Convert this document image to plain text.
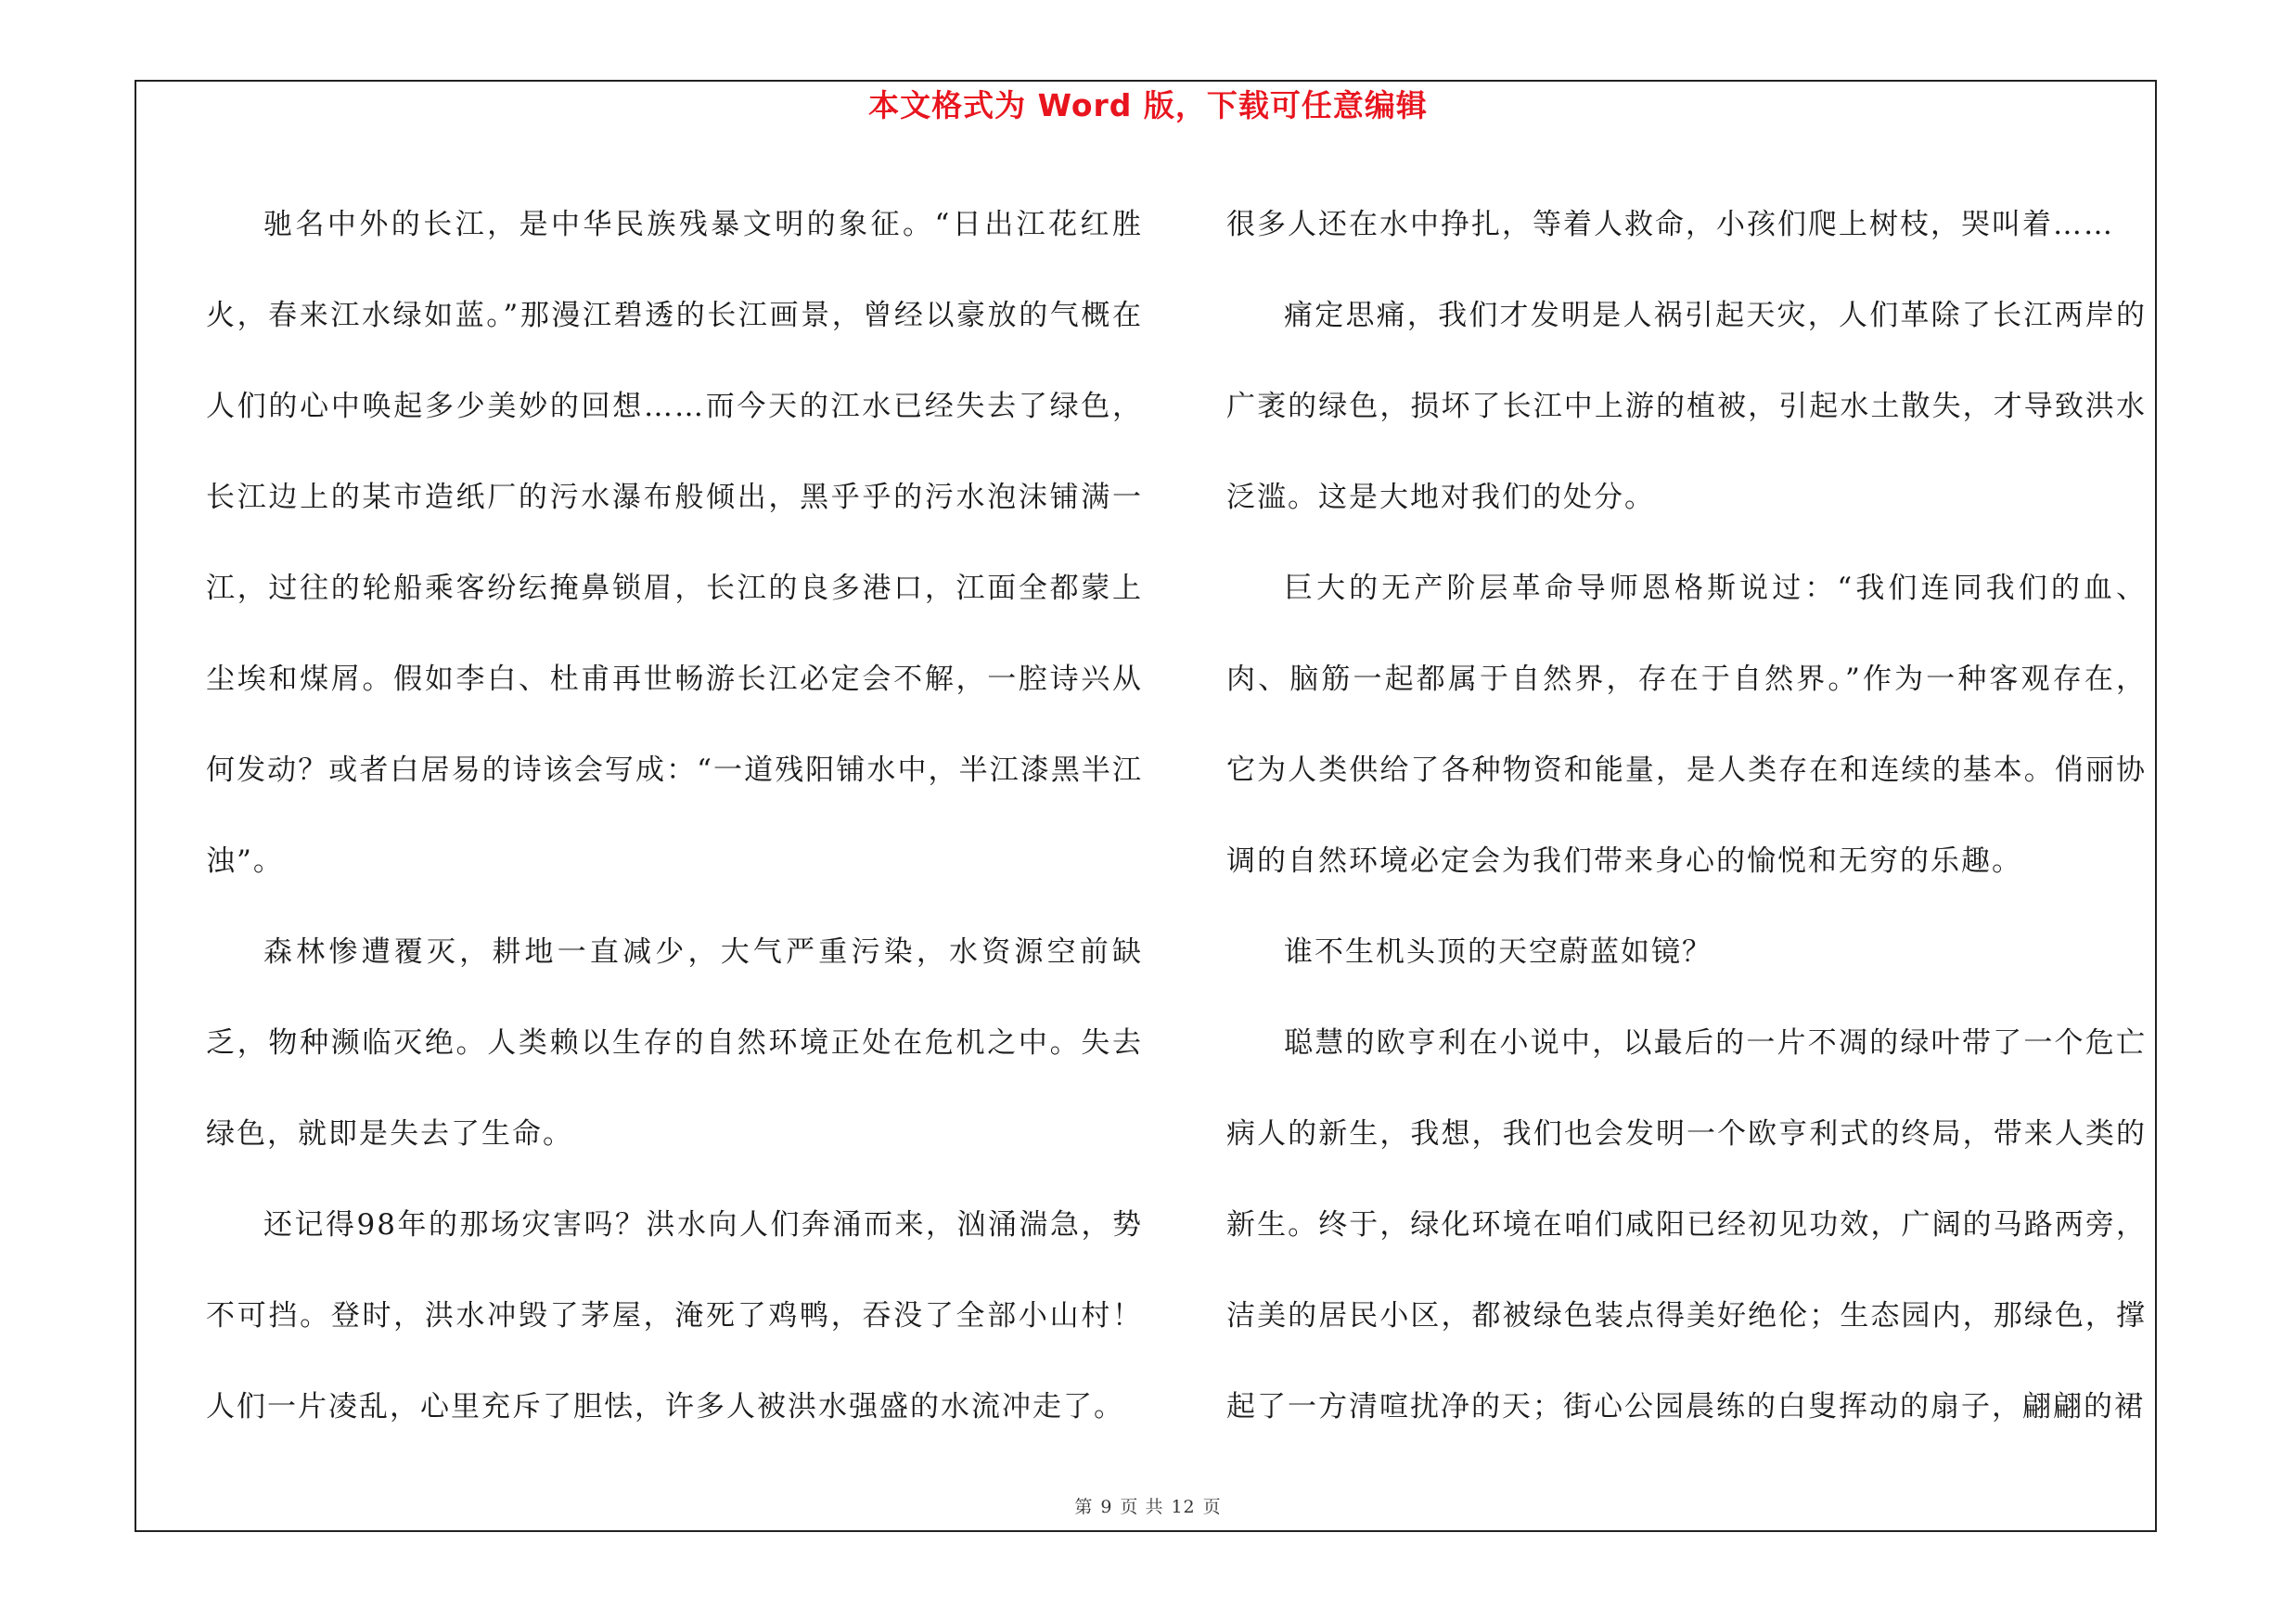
本文格式为 Word 版，下载可任意编辑

驰名中外的长江，是中华民族残暴文明的象征。“日出江花红胜火，春来江水绿如蓝。”那漫江碧透的长江画景，曾经以豪放的气概在人们的心中唤起多少美妙的回想……而今天的江水已经失去了绿色，长江边上的某市造纸厂的污水瀑布般倾出，黑乎乎的污水泡沫铺满一江，过往的轮船乘客纷纭掩鼻锁眉，长江的良多港口，江面全都蒙上尘埃和煤屑。假如李白、杜甫再世畅游长江必定会不解，一腔诗兴从何发动？或者白居易的诗该会写成：“一道残阳铺水中，半江漆黑半江浊”。

森林惨遭覆灭，耕地一直减少，大气严重污染，水资源空前缺乏，物种濒临灭绝。人类赖以生存的自然环境正处在危机之中。失去绿色，就即是失去了生命。

还记得98年的那场灾害吗？洪水向人们奔涌而来，汹涌湍急，势不可挡。登时，洪水冲毁了茅屋，淹死了鸡鸭，吞没了全部小山村！人们一片凌乱，心里充斥了胆怯，许多人被洪水强盛的水流冲走了。

很多人还在水中挣扎，等着人救命，小孩们爬上树枝，哭叫着……

痛定思痛，我们才发明是人祸引起天灾，人们革除了长江两岸的广袤的绿色，损坏了长江中上游的植被，引起水土散失，才导致洪水泛滥。这是大地对我们的处分。

巨大的无产阶层革命导师恩格斯说过：“我们连同我们的血、肉、脑筋一起都属于自然界，存在于自然界。”作为一种客观存在，它为人类供给了各种物资和能量，是人类存在和连续的基本。俏丽协调的自然环境必定会为我们带来身心的愉悦和无穷的乐趣。

谁不生机头顶的天空蔚蓝如镜？

聪慧的欧亨利在小说中，以最后的一片不凋的绿叶带了一个危亡病人的新生，我想，我们也会发明一个欧亨利式的终局，带来人类的新生。终于，绿化环境在咱们咸阳已经初见功效，广阔的马路两旁，洁美的居民小区，都被绿色装点得美好绝伦；生态园内，那绿色，撑起了一方清喧扰净的天；街心公园晨练的白叟挥动的扇子，翩翩的裙

第 9 页 共 12 页
